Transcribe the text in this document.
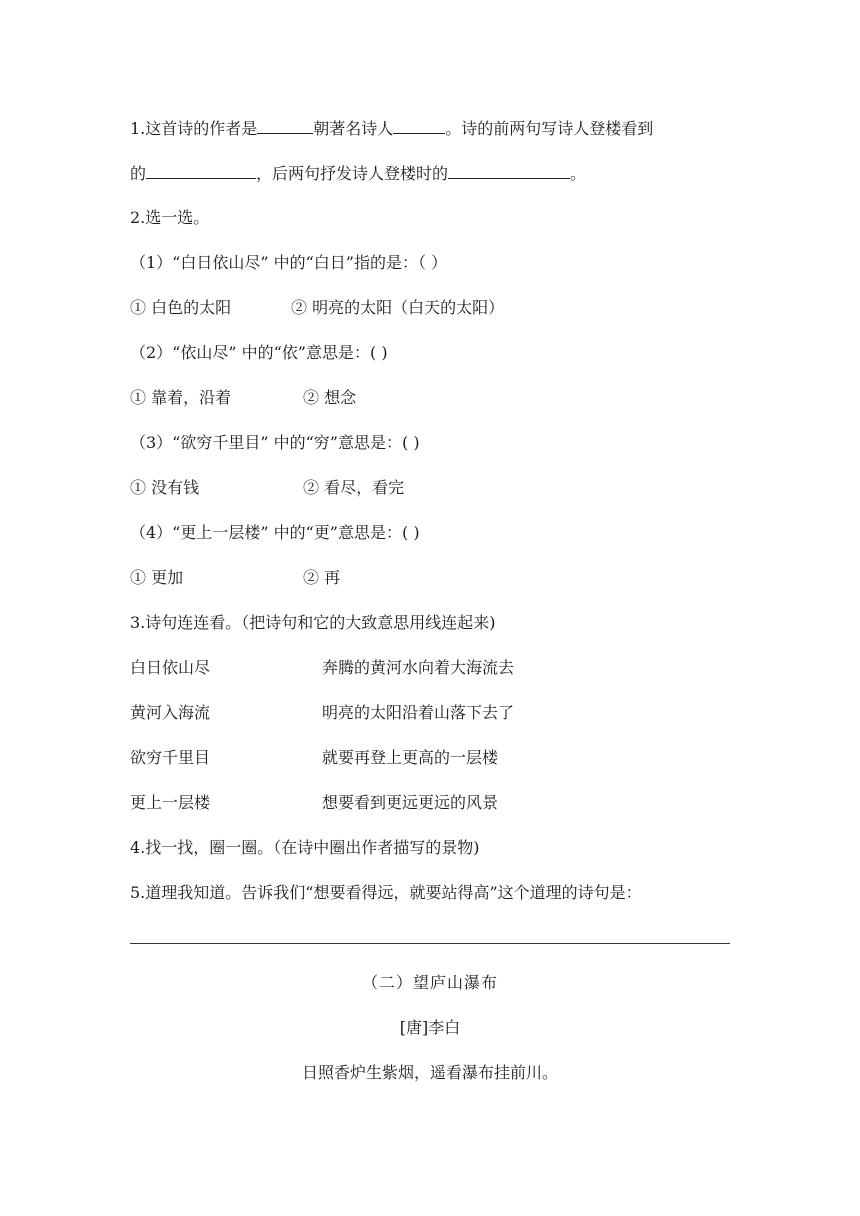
1.这首诗的作者是	朝著名诗人	。诗的前两句写诗人登楼看到
的	，后两句抒发诗人登楼时的	。
2.选一选。
（1）“白日依山尽” 中的“白日”指的是：（ ）
① 白色的太阳	② 明亮的太阳（白天的太阳）
（2）“依山尽” 中的“依”意思是：( )
① 靠着，沿着	② 想念
（3）“欲穷千里目” 中的“穷”意思是：( )
① 没有钱	② 看尽，看完
（4）“更上一层楼” 中的“更”意思是：( )
① 更加	② 再
3.诗句连连看。（把诗句和它的大致意思用线连起来)
白日依山尽	奔腾的黄河水向着大海流去
黄河入海流	明亮的太阳沿着山落下去了
欲穷千里目	就要再登上更高的一层楼
更上一层楼	想要看到更远更远的风景
4.找一找，圈一圈。（在诗中圈出作者描写的景物)
5.道理我知道。告诉我们“想要看得远，就要站得高”这个道理的诗句是：
（二）望庐山瀑布
[唐]李白
日照香炉生紫烟，遥看瀑布挂前川。
